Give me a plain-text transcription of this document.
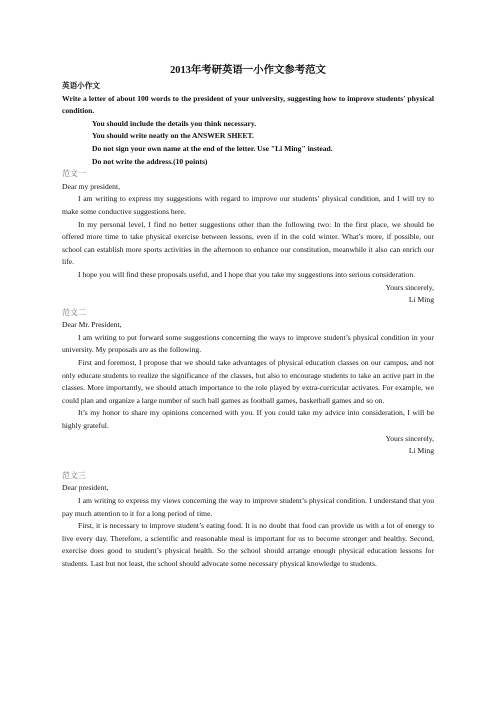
2013年考研英语一小作文参考范文

英语小作文

Write a letter of about 100 words to the president of your university, suggesting how to improve students' physical condition.

You should include the details you think necessary.

You should write neatly on the ANSWER SHEET.

Do not sign your own name at the end of the letter. Use "Li Ming" instead.

Do not write the address.(10 points)

范文一

Dear my president,

I am writing to express my suggestions with regard to improve our students’ physical condition, and I will try to make some conductive suggestions here.

In my personal level, I find no better suggestions other than the following two: In the first place, we should be offered more time to take physical exercise between lessons, even if in the cold winter. What’s more, if possible, our school can establish more sports activities in the afternoon to enhance our constitution, meanwhile it also can enrich our life.

I hope you will find these proposals useful, and I hope that you take my suggestions into serious consideration.

Yours sincerely,

Li Ming

范文二

Dear Mr. President,

I am writing to put forward some suggestions concerning the ways to improve student’s physical condition in your university. My proposals are as the following.

First and foremost, I propose that we should take advantages of physical education classes on our campus, and not only educate students to realize the significance of the classes, but also to encourage students to take an active part in the classes. More importantly, we should attach importance to the role played by extra-curricular activates. For example, we could plan and organize a large number of such ball games as football games, basketball games and so on.

It’s my honor to share my opinions concerned with you. If you could take my advice into consideration, I will be highly grateful.

Yours sincerely,

Li Ming

范文三

Dear president,

I am writing to express my views concerning the way to improve student’s physical condition. I understand that you pay much attention to it for a long period of time.

First, it is necessary to improve student’s eating food. It is no doubt that food can provide us with a lot of energy to live every day. Therefore, a scientific and reasonable meal is important for us to become stronger and healthy. Second, exercise does good to student’s physical health. So the school should arrange enough physical education lessons for students. Last but not least, the school should advocate some necessary physical knowledge to students.
